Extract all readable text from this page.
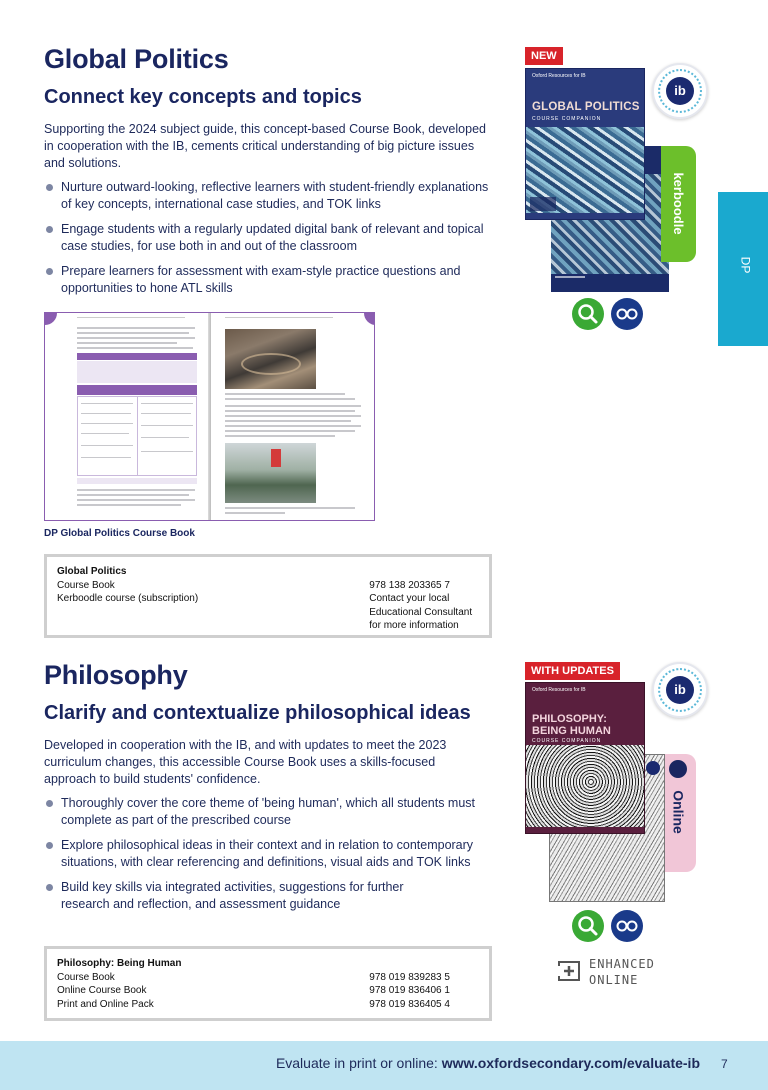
Global Politics
Connect key concepts and topics
Supporting the 2024 subject guide, this concept-based Course Book, developed in cooperation with the IB, cements critical understanding of big picture issues and solutions.
Nurture outward-looking, reflective learners with student-friendly explanations of key concepts, international case studies, and TOK links
Engage students with a regularly updated digital bank of relevant and topical case studies, for use both in and out of the classroom
Prepare learners for assessment with exam-style practice questions and opportunities to hone ATL skills
DP Global Politics Course Book
Global Politics
Course Book	978 138 203365 7
Kerboodle course (subscription)	Contact your local Educational Consultant for more information
kerboodle
Oxford Resources for IB
GLOBAL POLITICS
COURSE COMPANION
NEW
ib
DP
Philosophy
Clarify and contextualize philosophical ideas
Developed in cooperation with the IB, and with updates to meet the 2023 curriculum changes, this accessible Course Book uses a skills-focused approach to build students' confidence.
Thoroughly cover the core theme of 'being human', which all students must complete as part of the prescribed course
Explore philosophical ideas in their context and in relation to contemporary situations, with clear referencing and definitions, visual aids and TOK links
Build key skills via integrated activities, suggestions for further research and reflection, and assessment guidance
Philosophy: Being Human
Course Book	978 019 839283 5
Online Course Book	978 019 836406 1
Print and Online Pack	978 019 836405 4
Online
Oxford Resources for IB
PHILOSOPHY:
BEING HUMAN
COURSE COMPANION
WITH UPDATES
ib
ENHANCED
ONLINE
Evaluate in print or online: www.oxfordsecondary.com/evaluate-ib 7
